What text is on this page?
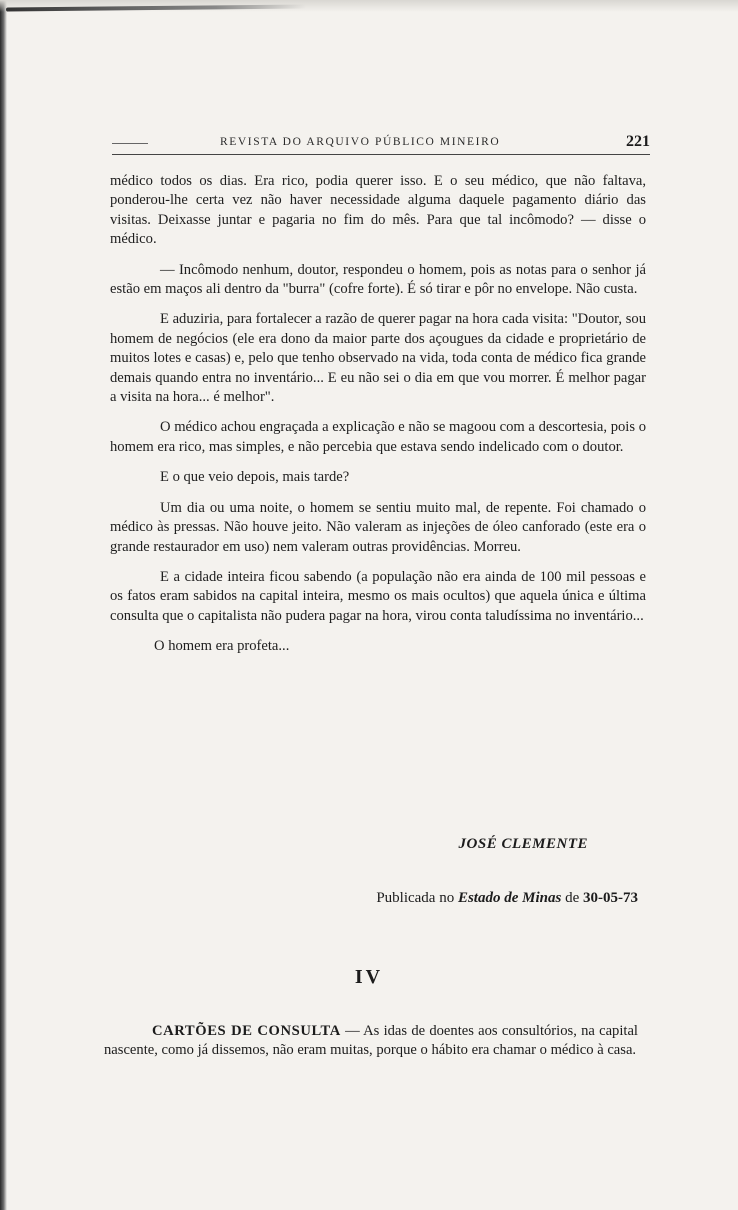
REVISTA DO ARQUIVO PÚBLICO MINEIRO	221

médico todos os dias. Era rico, podia querer isso. E o seu médico, que não faltava, ponderou-lhe certa vez não haver necessidade alguma daquele pagamento diário das visitas. Deixasse juntar e pagaria no fim do mês. Para que tal incômodo? — disse o médico.

— Incômodo nenhum, doutor, respondeu o homem, pois as notas para o senhor já estão em maços ali dentro da "burra" (cofre forte). É só tirar e pôr no envelope. Não custa.

E aduziria, para fortalecer a razão de querer pagar na hora cada visita: "Doutor, sou homem de negócios (ele era dono da maior parte dos açougues da cidade e proprietário de muitos lotes e casas) e, pelo que tenho observado na vida, toda conta de médico fica grande demais quando entra no inventário... E eu não sei o dia em que vou morrer. É melhor pagar a visita na hora... é melhor".

O médico achou engraçada a explicação e não se magoou com a descortesia, pois o homem era rico, mas simples, e não percebia que estava sendo indelicado com o doutor.

E o que veio depois, mais tarde?

Um dia ou uma noite, o homem se sentiu muito mal, de repente. Foi chamado o médico às pressas. Não houve jeito. Não valeram as injeções de óleo canforado (este era o grande restaurador em uso) nem valeram outras providências. Morreu.

E a cidade inteira ficou sabendo (a população não era ainda de 100 mil pessoas e os fatos eram sabidos na capital inteira, mesmo os mais ocultos) que aquela única e última consulta que o capitalista não pudera pagar na hora, virou conta taludíssima no inventário...

O homem era profeta...

JOSÉ CLEMENTE
Publicada no Estado de Minas de 30-05-73
IV

CARTÕES DE CONSULTA — As idas de doentes aos consultórios, na capital nascente, como já dissemos, não eram muitas, porque o hábito era chamar o médico à casa.
